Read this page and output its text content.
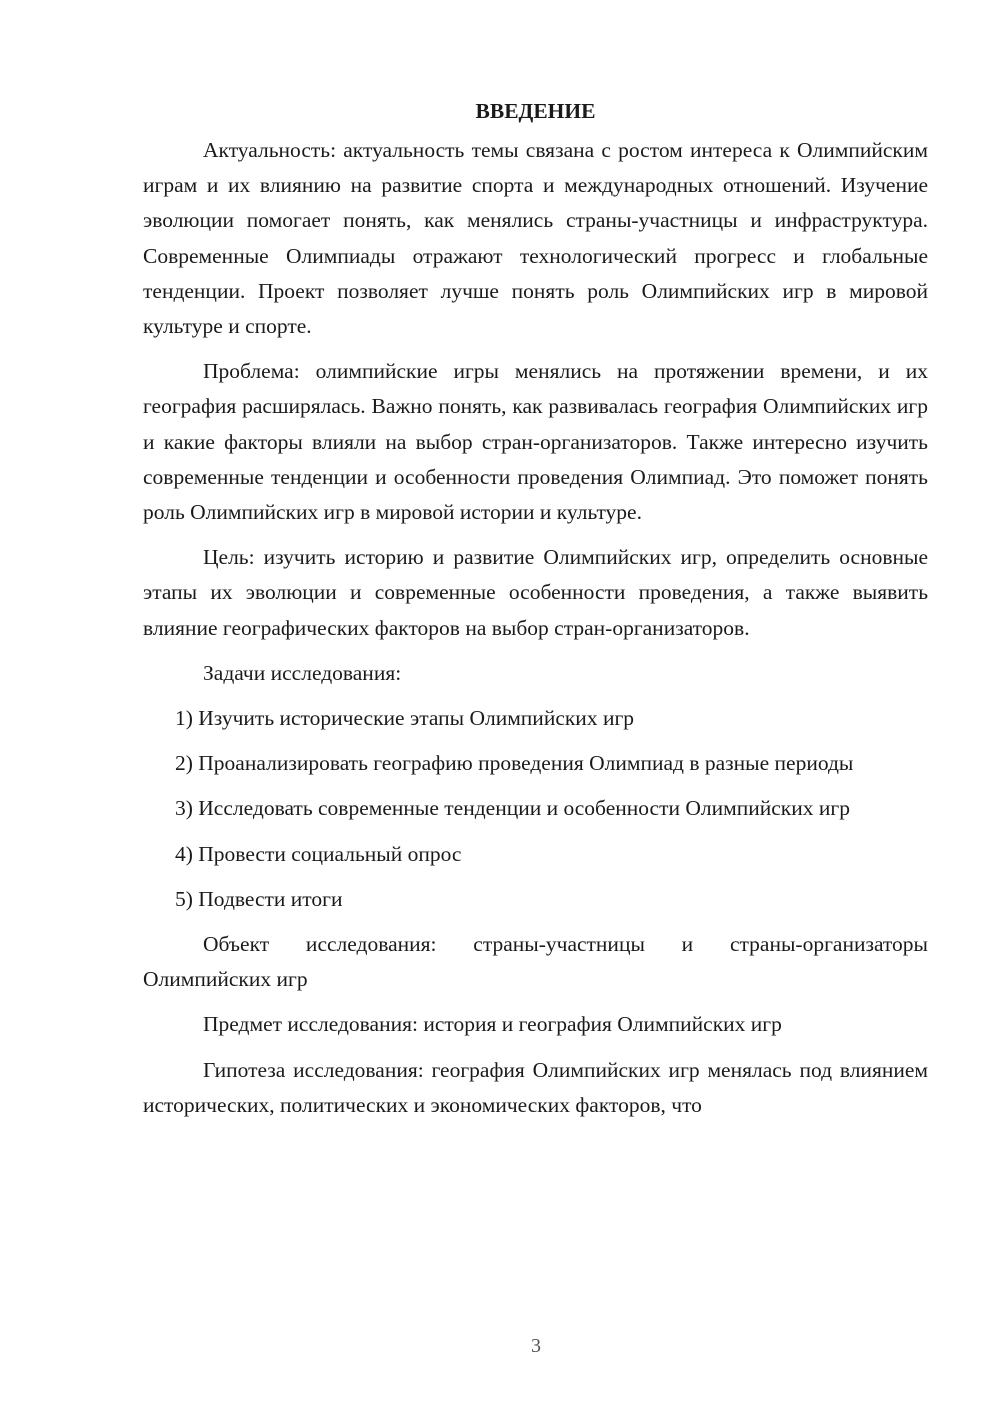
ВВЕДЕНИЕ

Актуальность: актуальность темы связана с ростом интереса к Олимпийским играм и их влиянию на развитие спорта и международных отношений. Изучение эволюции помогает понять, как менялись страны-участницы и инфраструктура. Современные Олимпиады отражают технологический прогресс и глобальные тенденции. Проект позволяет лучше понять роль Олимпийских игр в мировой культуре и спорте.

Проблема: олимпийские игры менялись на протяжении времени, и их география расширялась. Важно понять, как развивалась география Олимпийских игр и какие факторы влияли на выбор стран-организаторов. Также интересно изучить современные тенденции и особенности проведения Олимпиад. Это поможет понять роль Олимпийских игр в мировой истории и культуре.

Цель: изучить историю и развитие Олимпийских игр, определить основные этапы их эволюции и современные особенности проведения, а также выявить влияние географических факторов на выбор стран-организаторов.

Задачи исследования:

1) Изучить исторические этапы Олимпийских игр

2) Проанализировать географию проведения Олимпиад в разные периоды

3) Исследовать современные тенденции и особенности Олимпийских игр

4) Провести социальный опрос

5) Подвести итоги

Объект исследования: страны-участницы и страны-организаторы Олимпийских игр

Предмет исследования: история и география Олимпийских игр

Гипотеза исследования: география Олимпийских игр менялась под влиянием исторических, политических и экономических факторов, что

3
